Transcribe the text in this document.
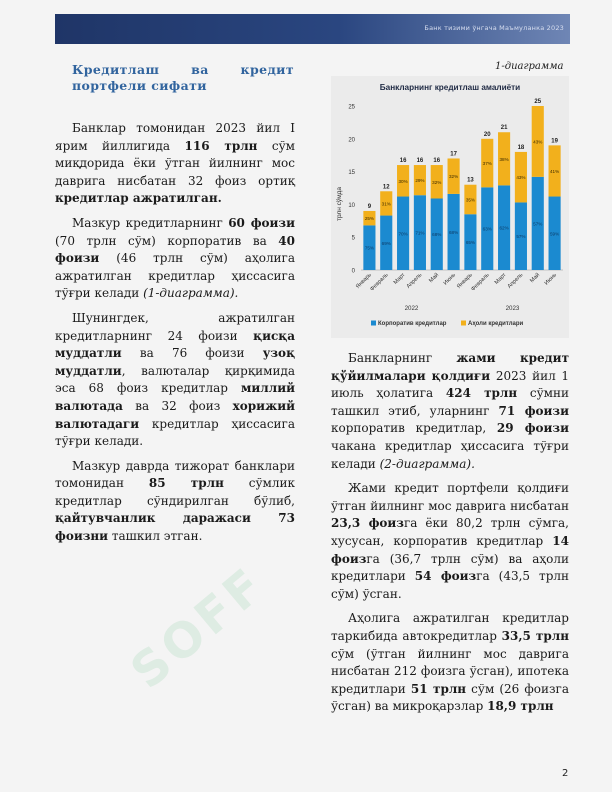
Банк тизими ўнгача Маъмуланка 2023
Кредитлаш ва кредит портфели сифати

Банклар томонидан 2023 йил I ярим йиллигида 116 трлн сўм миқдорида ёки ўтган йилнинг мос даврига нисбатан 32 фоиз ортиқ кредитлар ажратилган.

Мазкур кредитларнинг 60 фоизи (70 трлн сўм) корпоратив ва 40 фоизи (46 трлн сўм) аҳолига ажратилган кредитлар ҳиссасига тўғри келади (1-диаграмма).

Шунингдек, ажратилган кредитларнинг 24 фоизи қисқа муддатли ва 76 фоизи узоқ муддатли, валюталар қирқимида эса 68 фоиз кредитлар миллий валютада ва 32 фоиз хорижий валютадаги кредитлар ҳиссасига тўғри келади.

Мазкур даврда тижорат банклари томонидан 85 трлн сўмлик кредитлар сўндирилган бўлиб, қайтувчанлик даражаси 73 фоизни ташкил этган.

1-диаграмма
Банкларнинг кредитлаш амалиёти
трлн сўмда
0
5
10
15
20
25
75%
25%
9
Январь
69%
31%
12
Февраль
70%
30%
16
Март
71%
29%
16
Апрель
68%
32%
16
Май
68%
32%
17
Июнь
65%
35%
13
Январь
63%
37%
20
Февраль
62%
38%
21
Март
57%
43%
18
Апрель
57%
43%
25
Май
59%
41%
19
Июнь
2022	2023
Корпоратив кредитлар	Аҳоли кредитлари

Банкларнинг жами кредит қўйилмалари қолдиғи 2023 йил 1 июль ҳолатига 424 трлн сўмни ташкил этиб, уларнинг 71 фоизи корпоратив кредитлар, 29 фоизи чакана кредитлар ҳиссасига тўғри келади (2-диаграмма).

Жами кредит портфели қолдиғи ўтган йилнинг мос даврига нисбатан 23,3 фоизга ёки 80,2 трлн сўмга, хусусан, корпоратив кредитлар 14 фоизга (36,7 трлн сўм) ва аҳоли кредитлари 54 фоизга (43,5 трлн сўм) ўсган.

Аҳолига ажратилган кредитлар таркибида автокредитлар 33,5 трлн сўм (ўтган йилнинг мос даврига нисбатан 212 фоизга ўсган), ипотека кредитлари 51 трлн сўм (26 фоизга ўсган) ва микроқарзлар 18,9 трлн

SOFF
2
